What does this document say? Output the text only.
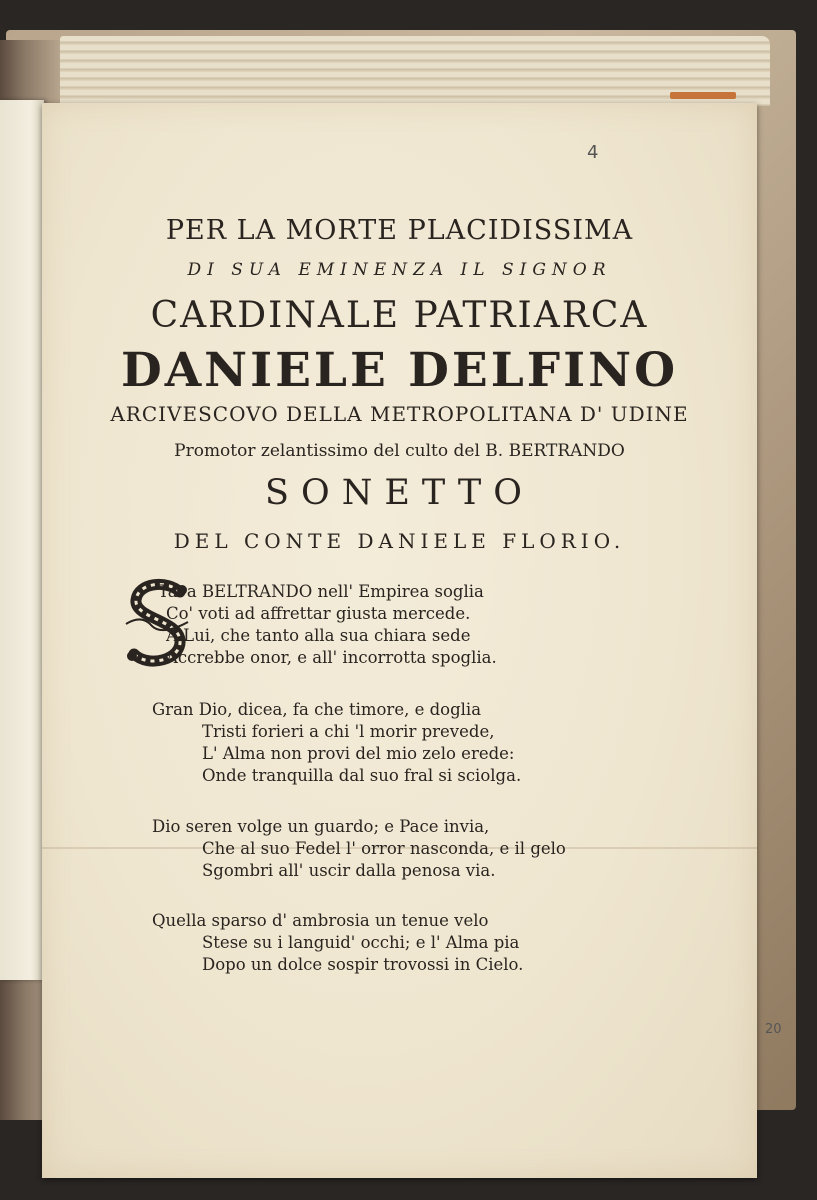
20
4
PER LA MORTE PLACIDISSIMA
DI SUA EMINENZA IL SIGNOR
CARDINALE PATRIARCA
DANIELE DELFINO
ARCIVESCOVO DELLA METROPOLITANA D' UDINE
Promotor zelantissimo del culto del B. BERTRANDO
SONETTO
DEL CONTE DANIELE FLORIO.
Tava BELTRANDO nell' Empirea soglia
Co' voti ad affrettar giusta mercede.
A Lui, che tanto alla sua chiara sede
Accrebbe onor, e all' incorrotta spoglia.
Gran Dio, dicea, fa che timore, e doglia
Tristi forieri a chi 'l morir prevede,
L' Alma non provi del mio zelo erede:
Onde tranquilla dal suo fral si sciolga.
Dio seren volge un guardo; e Pace invia,
Che al suo Fedel l' orror nasconda, e il gelo
Sgombri all' uscir dalla penosa via.
Quella sparso d' ambrosia un tenue velo
Stese su i languid' occhi; e l' Alma pia
Dopo un dolce sospir trovossi in Cielo.
